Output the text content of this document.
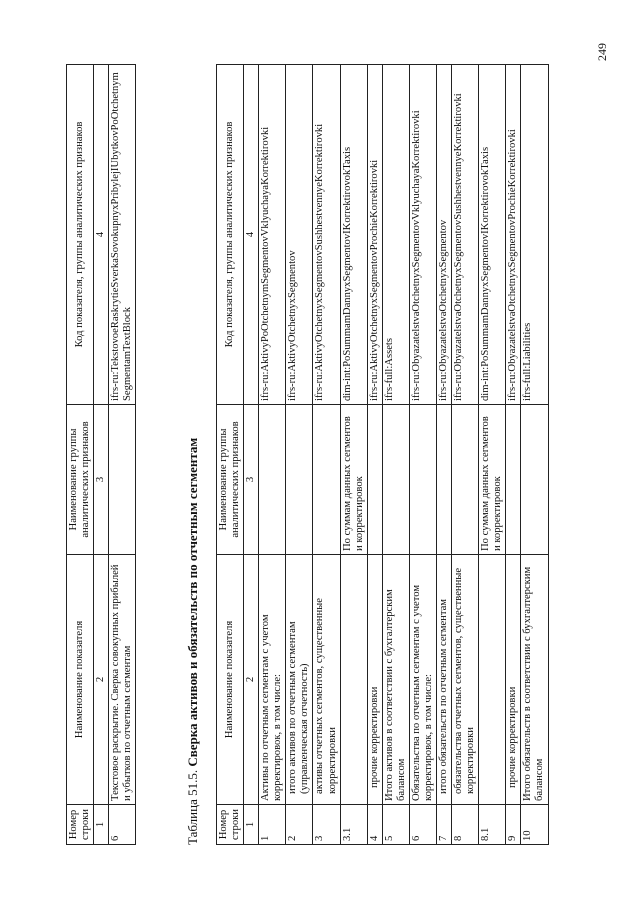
Номер строки	Наименование показателя	Наименование группы аналитических признаков	Код показателя, группы аналитических признаков
1	2	3	4
6	Текстовое раскрытие. Сверка совокупных прибылей и убытков по отчетным сегментам		ifrs-ru:TekstovoeRaskrytieSverkaSovokupnyxPribylejIUbytkovPoOtchetnymSegmentamTextBlock
Таблица 51.5. Сверка активов и обязательств по отчетным сегментам
Номер строки	Наименование показателя	Наименование группы аналитических признаков	Код показателя, группы аналитических признаков
1	2	3	4
1	Активы по отчетным сегментам с учетом корректировок, в том числе:		ifrs-ru:AktivyPoOtchetnymSegmentovVklyuchayaKorrektirovki
2	итого активов по отчетным сегментам (управленческая отчетность)		ifrs-ru:AktivyOtchetnyxSegmentov
3	активы отчетных сегментов, существенные корректировки		ifrs-ru:AktivyOtchetnyxSegmentovSushhestvennyeKorrektirovki
3.1		По суммам данных сегментов и корректировок	dim-int:PoSummamDannyxSegmentovIKorrektirovokTaxis
4	прочие корректировки		ifrs-ru:AktivyOtchetnyxSegmentovProchieKorrektirovki
5	Итого активов в соответствии с бухгалтерским балансом		ifrs-full:Assets
6	Обязательства по отчетным сегментам с учетом корректировок, в том числе:		ifrs-ru:ObyazatelstvaOtchetnyxSegmentovVklyuchayaKorrektirovki
7	итого обязательств по отчетным сегментам		ifrs-ru:ObyazatelstvaOtchetnyxSegmentov
8	обязательства отчетных сегментов, существенные корректировки		ifrs-ru:ObyazatelstvaOtchetnyxSegmentovSushhestvennyeKorrektirovki
8.1		По суммам данных сегментов и корректировок	dim-int:PoSummamDannyxSegmentovIKorrektirovokTaxis
9	прочие корректировки		ifrs-ru:ObyazatelstvaOtchetnyxSegmentovProchieKorrektirovki
10	Итого обязательств в соответствии с бухгалтерским балансом		ifrs-full:Liabilities
249
